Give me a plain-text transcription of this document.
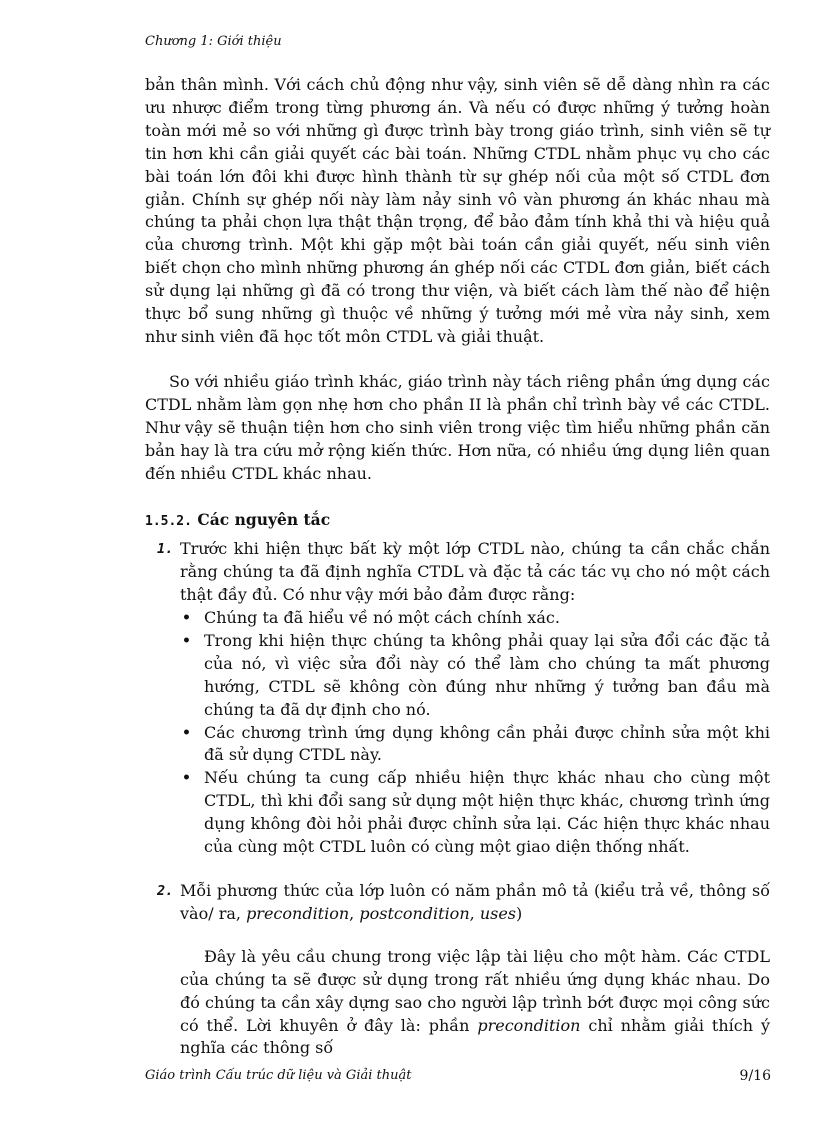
Chương 1: Giới thiệu

bản thân mình. Với cách chủ động như vậy, sinh viên sẽ dễ dàng nhìn ra các ưu nhược điểm trong từng phương án. Và nếu có được những ý tưởng hoàn toàn mới mẻ so với những gì được trình bày trong giáo trình, sinh viên sẽ tự tin hơn khi cần giải quyết các bài toán. Những CTDL nhằm phục vụ cho các bài toán lớn đôi khi được hình thành từ sự ghép nối của một số CTDL đơn giản. Chính sự ghép nối này làm nảy sinh vô vàn phương án khác nhau mà chúng ta phải chọn lựa thật thận trọng, để bảo đảm tính khả thi và hiệu quả của chương trình. Một khi gặp một bài toán cần giải quyết, nếu sinh viên biết chọn cho mình những phương án ghép nối các CTDL đơn giản, biết cách sử dụng lại những gì đã có trong thư viện, và biết cách làm thế nào để hiện thực bổ sung những gì thuộc về những ý tưởng mới mẻ vừa nảy sinh, xem như sinh viên đã học tốt môn CTDL và giải thuật.

So với nhiều giáo trình khác, giáo trình này tách riêng phần ứng dụng các CTDL nhằm làm gọn nhẹ hơn cho phần II là phần chỉ trình bày về các CTDL. Như vậy sẽ thuận tiện hơn cho sinh viên trong việc tìm hiểu những phần căn bản hay là tra cứu mở rộng kiến thức. Hơn nữa, có nhiều ứng dụng liên quan đến nhiều CTDL khác nhau.

1.5.2. Các nguyên tắc
1. Trước khi hiện thực bất kỳ một lớp CTDL nào, chúng ta cần chắc chắn rằng chúng ta đã định nghĩa CTDL và đặc tả các tác vụ cho nó một cách thật đầy đủ. Có như vậy mới bảo đảm được rằng:

• Chúng ta đã hiểu về nó một cách chính xác.
• Trong khi hiện thực chúng ta không phải quay lại sửa đổi các đặc tả của nó, vì việc sửa đổi này có thể làm cho chúng ta mất phương hướng, CTDL sẽ không còn đúng như những ý tưởng ban đầu mà chúng ta đã dự định cho nó.
• Các chương trình ứng dụng không cần phải được chỉnh sửa một khi đã sử dụng CTDL này.
• Nếu chúng ta cung cấp nhiều hiện thực khác nhau cho cùng một CTDL, thì khi đổi sang sử dụng một hiện thực khác, chương trình ứng dụng không đòi hỏi phải được chỉnh sửa lại. Các hiện thực khác nhau của cùng một CTDL luôn có cùng một giao diện thống nhất.
2. Mỗi phương thức của lớp luôn có năm phần mô tả (kiểu trả về, thông số vào/ ra, precondition, postcondition, uses)

Đây là yêu cầu chung trong việc lập tài liệu cho một hàm. Các CTDL của chúng ta sẽ được sử dụng trong rất nhiều ứng dụng khác nhau. Do đó chúng ta cần xây dựng sao cho người lập trình bớt được mọi công sức có thể. Lời khuyên ở đây là: phần precondition chỉ nhằm giải thích ý nghĩa các thông số

Giáo trình Cấu trúc dữ liệu và Giải thuật	9/16
